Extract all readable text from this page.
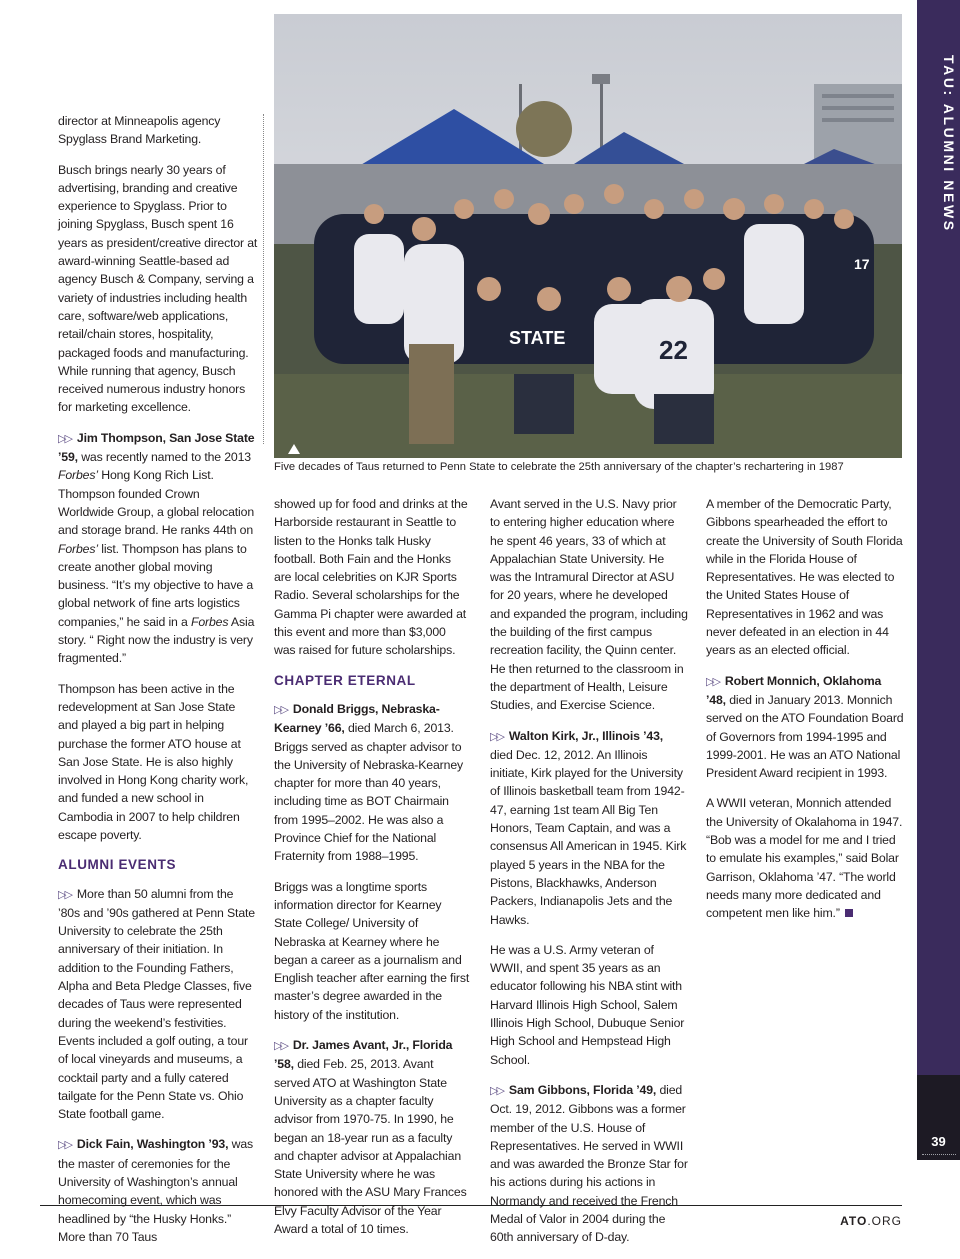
TAU: ALUMNI NEWS
39
STATE	22
17
Five decades of Taus returned to Penn State to celebrate the 25th anniversary of the chapter’s rechartering in 1987

director at Minneapolis agency Spyglass Brand Marketing.

Busch brings nearly 30 years of advertising, branding and creative experience to Spyglass. Prior to joining Spyglass, Busch spent 16 years as president/creative director at award-winning Seattle-based ad agency Busch & Company, serving a variety of industries including health care, software/web applications, retail/chain stores, hospitality, packaged foods and manufacturing. While running that agency, Busch received numerous industry honors for marketing excellence.

▷▷ Jim Thompson, San Jose State ’59, was recently named to the 2013 Forbes’ Hong Kong Rich List. Thompson founded Crown Worldwide Group, a global relocation and storage brand. He ranks 44th on Forbes’ list. Thompson has plans to create another global moving business. “It’s my objective to have a global network of fine arts logistics companies,” he said in a Forbes Asia story. “ Right now the industry is very fragmented.”

Thompson has been active in the redevelopment at San Jose State and played a big part in helping purchase the former ATO house at San Jose State. He is also highly involved in Hong Kong charity work, and funded a new school in Cambodia in 2007 to help children escape poverty.

ALUMNI EVENTS

▷▷ More than 50 alumni from the ’80s and ’90s gathered at Penn State University to celebrate the 25th anniversary of their initiation. In addition to the Founding Fathers, Alpha and Beta Pledge Classes, five decades of Taus were represented during the weekend’s festivities. Events included a golf outing, a tour of local vineyards and museums, a cocktail party and a fully catered tailgate for the Penn State vs. Ohio State football game.

▷▷ Dick Fain, Washington ’93, was the master of ceremonies for the University of Washington’s annual homecoming event, which was headlined by “the Husky Honks.” More than 70 Taus

showed up for food and drinks at the Harborside restaurant in Seattle to listen to the Honks talk Husky football. Both Fain and the Honks are local celebrities on KJR Sports Radio. Several scholarships for the Gamma Pi chapter were awarded at this event and more than $3,000 was raised for future scholarships.

CHAPTER ETERNAL

▷▷ Donald Briggs, Nebraska-Kearney ’66, died March 6, 2013. Briggs served as chapter advisor to the University of Nebraska-Kearney chapter for more than 40 years, including time as BOT Chairmain from 1995–2002. He was also a Province Chief for the National Fraternity from 1988–1995.

Briggs was a longtime sports information director for Kearney State College/ University of Nebraska at Kearney where he began a career as a journalism and English teacher after earning the first master’s degree awarded in the history of the institution.

▷▷ Dr. James Avant, Jr., Florida ’58, died Feb. 25, 2013. Avant served ATO at Washington State University as a chapter faculty advisor from 1970-75. In 1990, he began an 18-year run as a faculty and chapter advisor at Appalachian State University where he was honored with the ASU Mary Frances Elvy Faculty Advisor of the Year Award a total of 10 times.

Avant served in the U.S. Navy prior to entering higher education where he spent 46 years, 33 of which at Appalachian State University. He was the Intramural Director at ASU for 20 years, where he developed and expanded the program, including the building of the first campus recreation facility, the Quinn center. He then returned to the classroom in the department of Health, Leisure Studies, and Exercise Science.

▷▷ Walton Kirk, Jr., Illinois ’43, died Dec. 12, 2012. An Illinois initiate, Kirk played for the University of Illinois basketball team from 1942-47, earning 1st team All Big Ten Honors, Team Captain, and was a consensus All American in 1945. Kirk played 5 years in the NBA for the Pistons, Blackhawks, Anderson Packers, Indianapolis Jets and the Hawks.

He was a U.S. Army veteran of WWII, and spent 35 years as an educator following his NBA stint with Harvard Illinois High School, Salem Illinois High School, Dubuque Senior High School and Hempstead High School.

▷▷ Sam Gibbons, Florida ’49, died Oct. 19, 2012. Gibbons was a former member of the U.S. House of Representatives. He served in WWII and was awarded the Bronze Star for his actions during his actions in Normandy and received the French Medal of Valor in 2004 during the 60th anniversary of D-day.

A member of the Democratic Party, Gibbons spearheaded the effort to create the University of South Florida while in the Florida House of Representatives. He was elected to the United States House of Representatives in 1962 and was never defeated in an election in 44 years as an elected official.

▷▷ Robert Monnich, Oklahoma ’48, died in January 2013. Monnich served on the ATO Foundation Board of Governors from 1994-1995 and 1999-2001. He was an ATO National President Award recipient in 1993.

A WWII veteran, Monnich attended the University of Okalahoma in 1947. “Bob was a model for me and I tried to emulate his examples,” said Bolar Garrison, Oklahoma ’47. “The world needs many more dedicated and competent men like him.”

ATO.ORG
